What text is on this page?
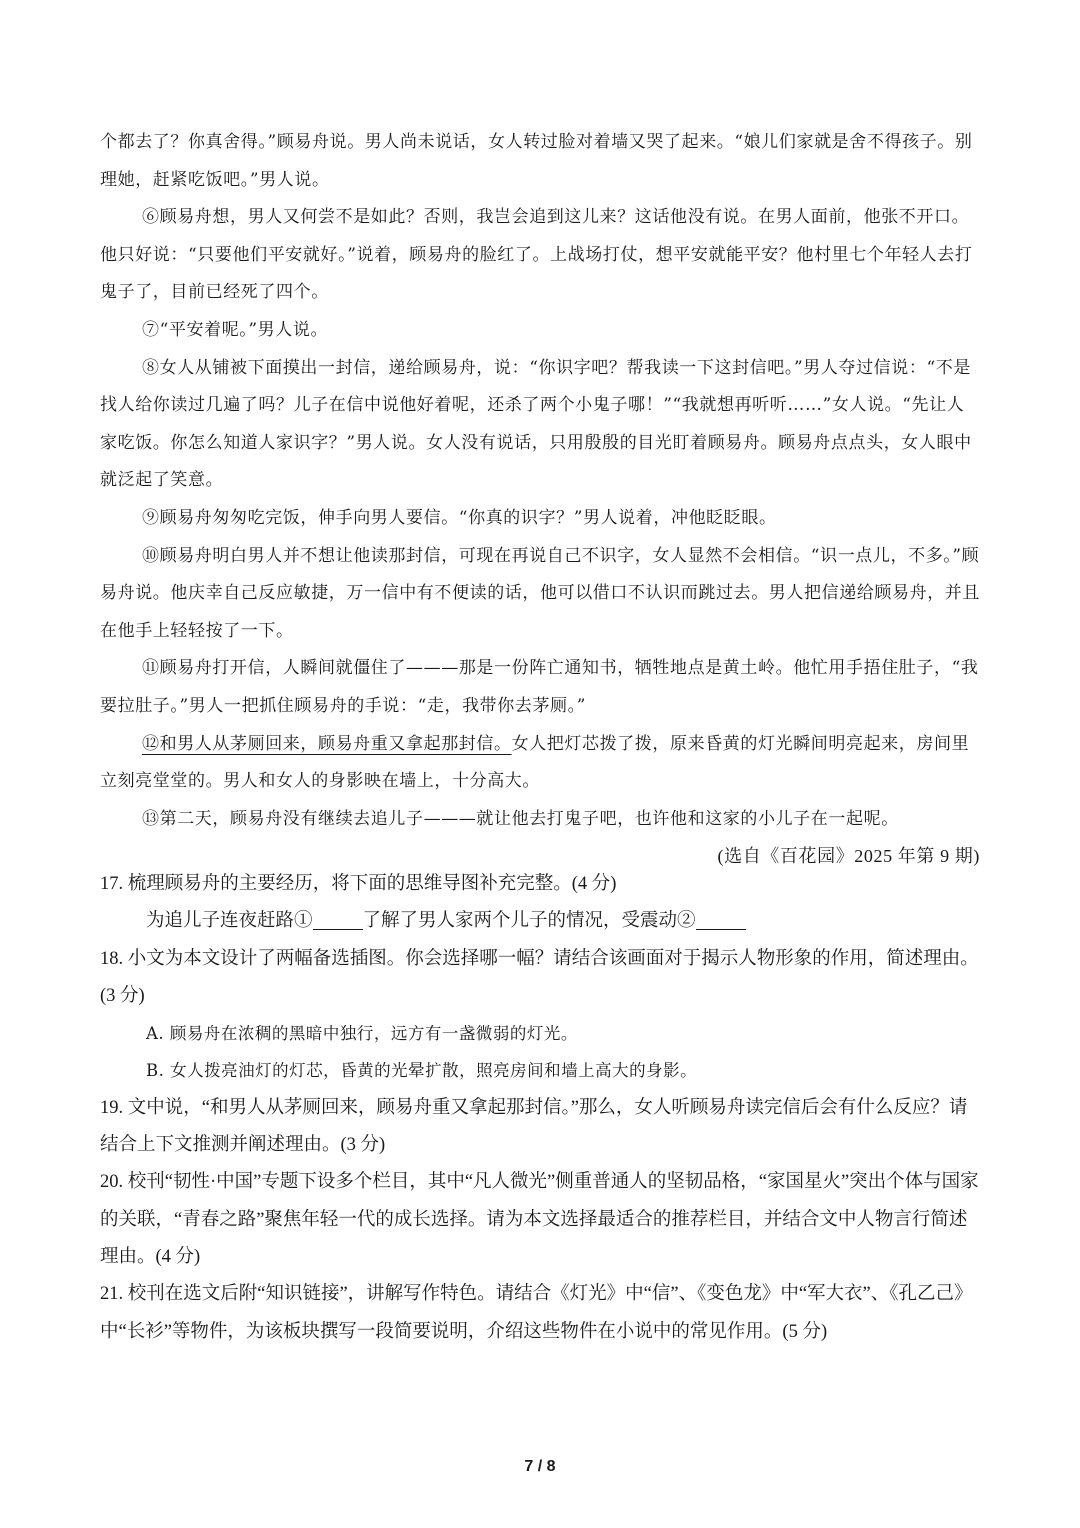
个都去了？你真舍得。”顾易舟说。男人尚未说话，女人转过脸对着墙又哭了起来。“娘儿们家就是舍不得孩子。别理她，赶紧吃饭吧。”男人说。

⑥顾易舟想，男人又何尝不是如此？否则，我岂会追到这儿来？这话他没有说。在男人面前，他张不开口。他只好说：“只要他们平安就好。”说着，顾易舟的脸红了。上战场打仗，想平安就能平安？他村里七个年轻人去打鬼子了，目前已经死了四个。

⑦“平安着呢。”男人说。

⑧女人从铺被下面摸出一封信，递给顾易舟，说：“你识字吧？帮我读一下这封信吧。”男人夺过信说：“不是找人给你读过几遍了吗？儿子在信中说他好着呢，还杀了两个小鬼子哪！”“我就想再听听……”女人说。“先让人家吃饭。你怎么知道人家识字？”男人说。女人没有说话，只用殷殷的目光盯着顾易舟。顾易舟点点头，女人眼中就泛起了笑意。

⑨顾易舟匆匆吃完饭，伸手向男人要信。“你真的识字？”男人说着，冲他眨眨眼。

⑩顾易舟明白男人并不想让他读那封信，可现在再说自己不识字，女人显然不会相信。“识一点儿，不多。”顾易舟说。他庆幸自己反应敏捷，万一信中有不便读的话，他可以借口不认识而跳过去。男人把信递给顾易舟，并且在他手上轻轻按了一下。

⑪顾易舟打开信，人瞬间就僵住了———那是一份阵亡通知书，牺牲地点是黄土岭。他忙用手捂住肚子，“我要拉肚子。”男人一把抓住顾易舟的手说：“走，我带你去茅厕。”

⑫和男人从茅厕回来，顾易舟重又拿起那封信。女人把灯芯拨了拨，原来昏黄的灯光瞬间明亮起来，房间里立刻亮堂堂的。男人和女人的身影映在墙上，十分高大。

⑬第二天，顾易舟没有继续去追儿子———就让他去打鬼子吧，也许他和这家的小儿子在一起呢。

(选自《百花园》2025 年第 9 期)

17. 梳理顾易舟的主要经历，将下面的思维导图补充完整。(4 分)

为追儿子连夜赶路①	了解了男人家两个儿子的情况，受震动②

18. 小文为本文设计了两幅备选插图。你会选择哪一幅？请结合该画面对于揭示人物形象的作用，简述理由。(3 分)

A. 顾易舟在浓稠的黑暗中独行，远方有一盏微弱的灯光。

B. 女人拨亮油灯的灯芯，昏黄的光晕扩散，照亮房间和墙上高大的身影。

19. 文中说，“和男人从茅厕回来，顾易舟重又拿起那封信。”那么，女人听顾易舟读完信后会有什么反应？请结合上下文推测并阐述理由。(3 分)

20. 校刊“韧性·中国”专题下设多个栏目，其中“凡人微光”侧重普通人的坚韧品格，“家国星火”突出个体与国家的关联，“青春之路”聚焦年轻一代的成长选择。请为本文选择最适合的推荐栏目，并结合文中人物言行简述理由。(4 分)

21. 校刊在选文后附“知识链接”，讲解写作特色。请结合《灯光》中“信”、《变色龙》中“军大衣”、《孔乙己》中“长衫”等物件，为该板块撰写一段简要说明，介绍这些物件在小说中的常见作用。(5 分)

7 / 8
